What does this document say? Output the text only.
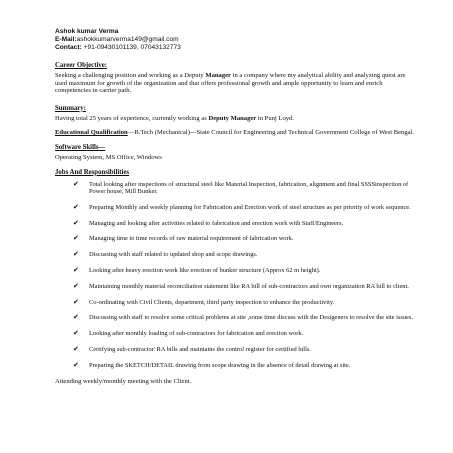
Ashok kumar Verma
E-Mail:ashokkumarverma149@gmail.com
Contact: +91-09430101139, 07043132773
Career Objective:

Seeking a challenging position and working as a Deputy Manager in a company where my analytical ability and analyzing quest are used maximum for growth of the organization and that offers professional growth and ample opportunity to learn and enrich competencies in carrier path.

Summary:

Having total 25 years of experience, currently working as Deputy Manager in Punj Loyd.

Educational Qualification—B.Tech (Mechanical)—State Council for Engineering and Technical Government College of West Bengal.
Software Skills—

Operating System, MS Office, Windows

Jobs And Responsibilities
✔ Total looking after inspections of structural steel like Material Inspection, fabrication, alignment and final SSSSinspection of Power house, Mill Bunker.
✔ Preparing Monthly and weekly planning for Fabrication and Erection work of steel structure as per priority of work sequence.
✔ Managing and looking after activities related to fabrication and erection work with Staff/Engineers.
✔ Managing time to time records of raw material requirement of fabrication work.
✔ Discussing with staff related to updated shop and scope drawings.
✔ Looking after heavy erection work like erection of bunker structure (Approx 62 m height).
✔ Maintaining monthly material reconciliation statement like RA bill of sub-contractors and own organization RA bill to client.
✔ Co-ordinating with Civil Clients, department, third party inspection to enhance the productivity.
✔ Discussing with staff to resolve some critical problems at site ,some time discuss with the Desigeners to resolve the site issues.
✔ Looking after monthly loading of sub-contractors for fabrication and erection work.
✔ Certifying sub-contractor' RA bills and maintains the control register for certified bills.
✔ Preparing the SKETCH/DETAIL drawing from scope drawing in the absence of detail drawing at site.
Attending weekly/monthly meeting with the Client.
